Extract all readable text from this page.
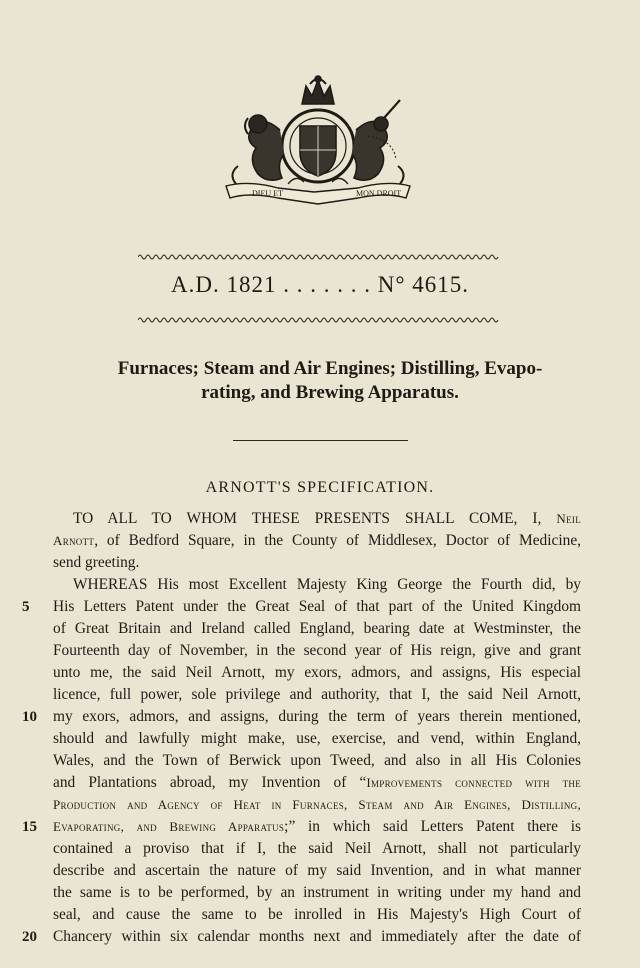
DIEU ET	MON DROIT
A.D. 1821 . . . . . . . N° 4615.
Furnaces; Steam and Air Engines; Distilling, Evapo-
rating, and Brewing Apparatus.
ARNOTT'S SPECIFICATION.
TO ALL TO WHOM THESE PRESENTS SHALL COME, I, Neil
Arnott, of Bedford Square, in the County of Middlesex, Doctor of Medicine,
send greeting.
WHEREAS His most Excellent Majesty King George the Fourth did, by
His Letters Patent under the Great Seal of that part of the United Kingdom
of Great Britain and Ireland called England, bearing date at Westminster, the
Fourteenth day of November, in the second year of His reign, give and grant
unto me, the said Neil Arnott, my exors, admors, and assigns, His especial
licence, full power, sole privilege and authority, that I, the said Neil Arnott,
my exors, admors, and assigns, during the term of years therein mentioned,
should and lawfully might make, use, exercise, and vend, within England,
Wales, and the Town of Berwick upon Tweed, and also in all His Colonies
and Plantations abroad, my Invention of “Improvements connected with the
Production and Agency of Heat in Furnaces, Steam and Air Engines, Distilling,
Evaporating, and Brewing Apparatus;” in which said Letters Patent there is
contained a proviso that if I, the said Neil Arnott, shall not particularly
describe and ascertain the nature of my said Invention, and in what manner
the same is to be performed, by an instrument in writing under my hand and
seal, and cause the same to be inrolled in His Majesty's High Court of
Chancery within six calendar months next and immediately after the date of
5
10
15
20
